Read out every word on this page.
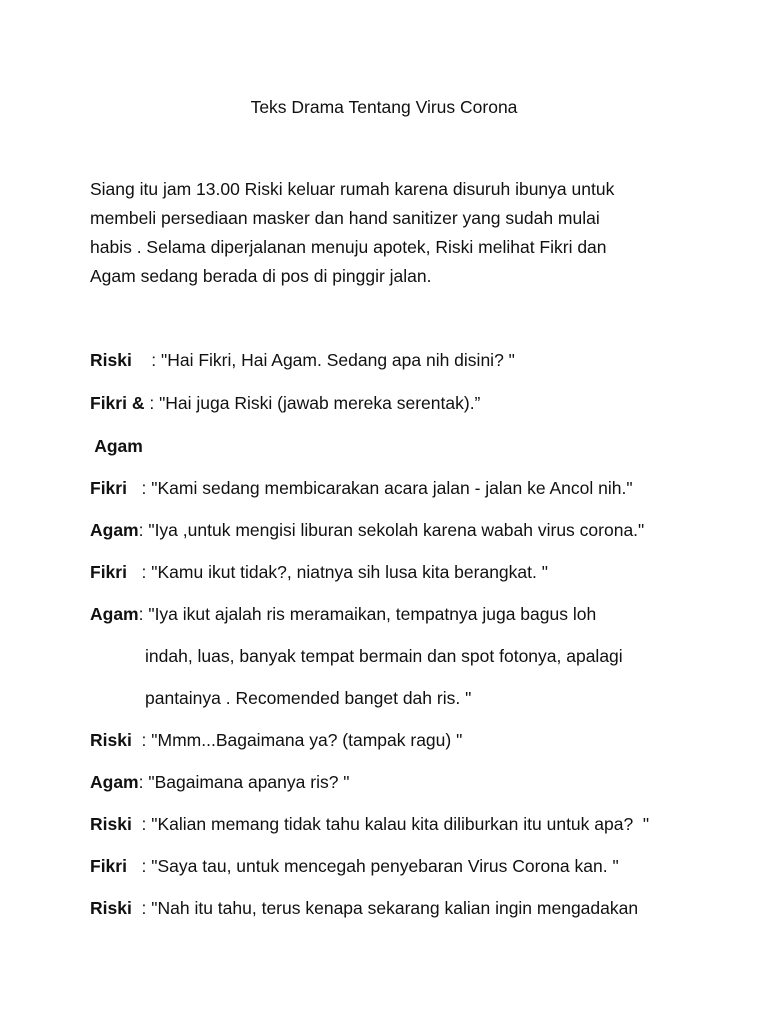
Teks Drama Tentang Virus Corona
Siang itu jam 13.00 Riski keluar rumah karena disuruh ibunya untuk
membeli persediaan masker dan hand sanitizer yang sudah mulai
habis . Selama diperjalanan menuju apotek, Riski melihat Fikri dan
Agam sedang berada di pos di pinggir jalan.
Riski    : "Hai Fikri, Hai Agam. Sedang apa nih disini? "
Fikri & : "Hai juga Riski (jawab mereka serentak).”
Agam
Fikri   : "Kami sedang membicarakan acara jalan - jalan ke Ancol nih."
Agam: "Iya ,untuk mengisi liburan sekolah karena wabah virus corona."
Fikri   : "Kamu ikut tidak?, niatnya sih lusa kita berangkat. "
Agam: "Iya ikut ajalah ris meramaikan, tempatnya juga bagus loh
indah, luas, banyak tempat bermain dan spot fotonya, apalagi
pantainya . Recomended banget dah ris. "
Riski  : "Mmm...Bagaimana ya? (tampak ragu) "
Agam: "Bagaimana apanya ris? "
Riski  : "Kalian memang tidak tahu kalau kita diliburkan itu untuk apa?  "
Fikri   : "Saya tau, untuk mencegah penyebaran Virus Corona kan. "
Riski  : "Nah itu tahu, terus kenapa sekarang kalian ingin mengadakan
